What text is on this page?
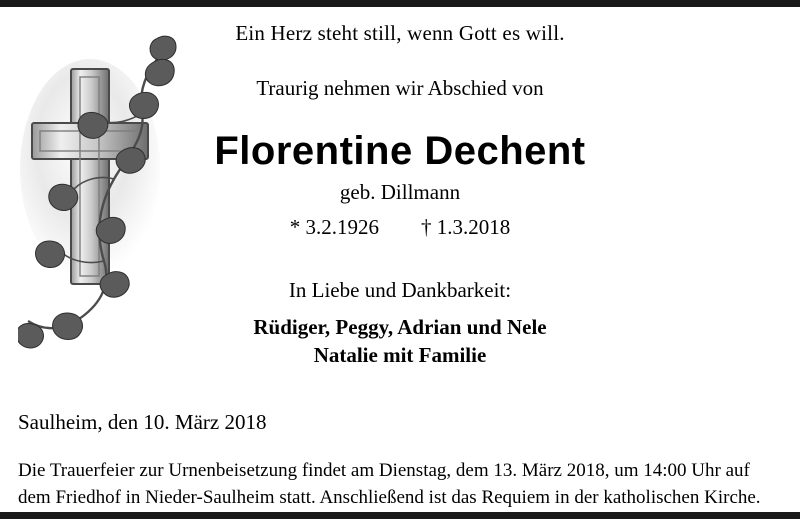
Ein Herz steht still, wenn Gott es will.
Traurig nehmen wir Abschied von
Florentine Dechent
geb. Dillmann
* 3.2.1926 † 1.3.2018
In Liebe und Dankbarkeit:
Rüdiger, Peggy, Adrian und Nele
Natalie mit Familie
Saulheim, den 10. März 2018
Die Trauerfeier zur Urnenbeisetzung findet am Dienstag, dem 13. März 2018, um 14:00 Uhr auf dem Friedhof in Nieder-Saulheim statt. Anschließend ist das Requiem in der katholischen Kirche.
